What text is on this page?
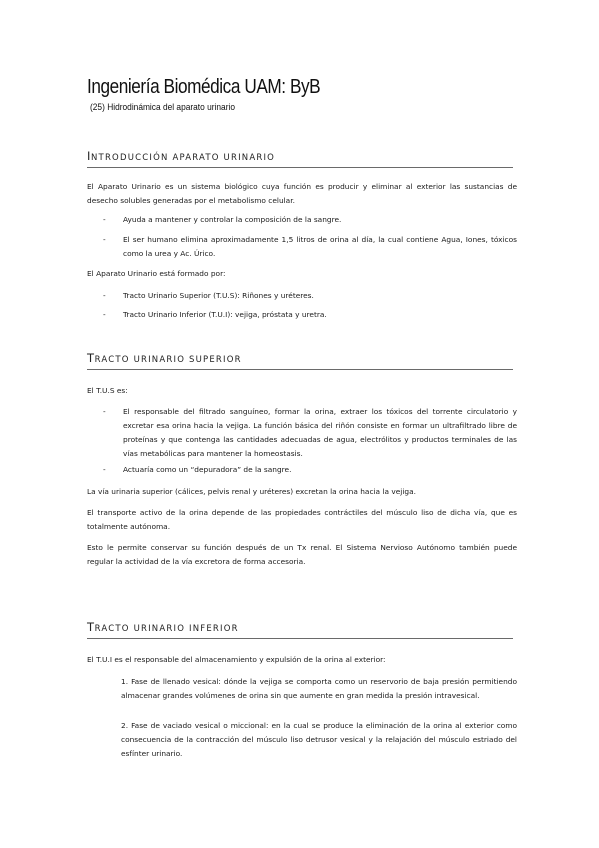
Ingeniería Biomédica UAM: ByB
(25) Hidrodinámica del aparato urinario
INTRODUCCIÓN APARATO URINARIO
El Aparato Urinario es un sistema biológico cuya función es producir y eliminar al exterior las sustancias de desecho solubles generadas por el metabolismo celular.
-	Ayuda a mantener y controlar la composición de la sangre.
-	El ser humano elimina aproximadamente 1,5 litros de orina al día, la cual contiene Agua, Iones, tóxicos como la urea y Ac. Úrico.
El Aparato Urinario está formado por:
-	Tracto Urinario Superior (T.U.S): Riñones y uréteres.
-	Tracto Urinario Inferior (T.U.I): vejiga, próstata y uretra.
TRACTO URINARIO SUPERIOR
El T.U.S es:
-	El responsable del filtrado sanguíneo, formar la orina, extraer los tóxicos del torrente circulatorio y excretar esa orina hacia la vejiga. La función básica del riñón consiste en formar un ultrafiltrado libre de proteínas y que contenga las cantidades adecuadas de agua, electrólitos y productos terminales de las vías metabólicas para mantener la homeostasis.
-	Actuaría como un “depuradora” de la sangre.
La vía urinaria superior (cálices, pelvis renal y uréteres) excretan la orina hacia la vejiga.
El transporte activo de la orina depende de las propiedades contráctiles del músculo liso de dicha vía, que es totalmente autónoma.
Esto le permite conservar su función después de un Tx renal. El Sistema Nervioso Autónomo también puede regular la actividad de la vía excretora de forma accesoria.
TRACTO URINARIO INFERIOR
El T.U.I es el responsable del almacenamiento y expulsión de la orina al exterior:
1. Fase de llenado vesical: dónde la vejiga se comporta como un reservorio de baja presión permitiendo almacenar grandes volúmenes de orina sin que aumente en gran medida la presión intravesical.
2. Fase de vaciado vesical o miccional: en la cual se produce la eliminación de la orina al exterior como consecuencia de la contracción del músculo liso detrusor vesical y la relajación del músculo estriado del esfínter urinario.
